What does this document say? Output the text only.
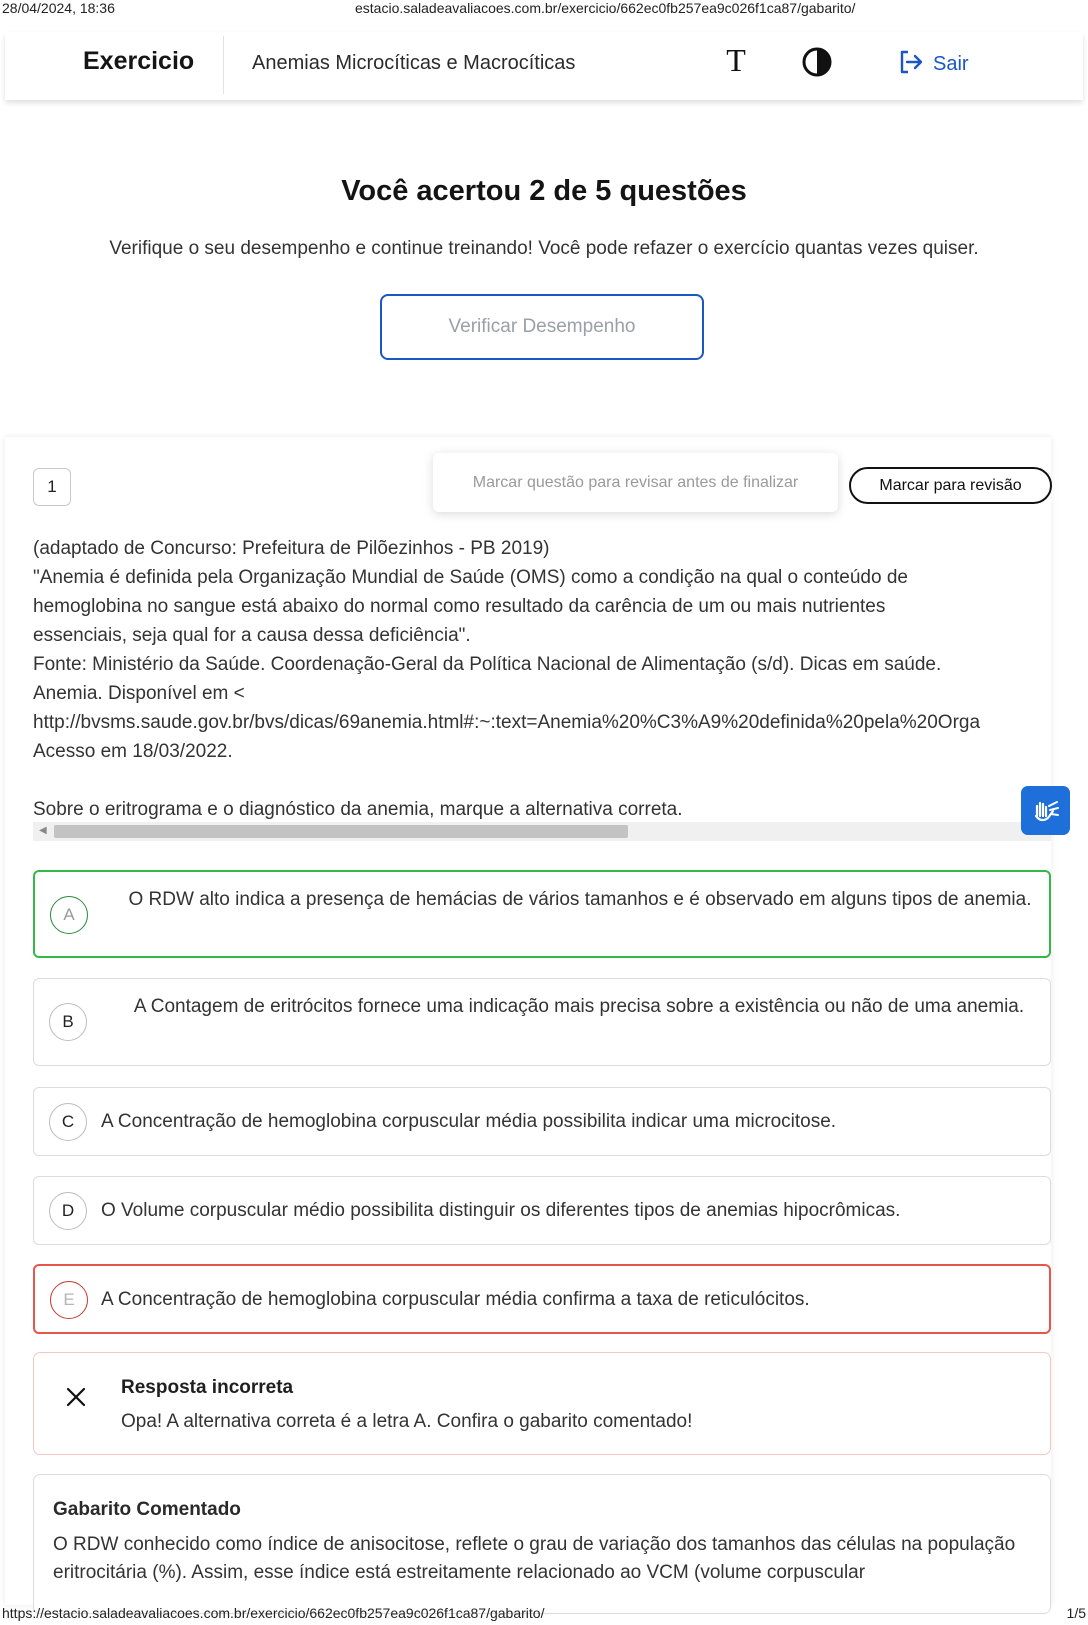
28/04/2024, 18:36	estacio.saladeavaliacoes.com.br/exercicio/662ec0fb257ea9c026f1ca87/gabarito/
Exercicio	Anemias Microcíticas e Macrocíticas	T	Sair
Você acertou 2 de 5 questões
Verifique o seu desempenho e continue treinando! Você pode refazer o exercício quantas vezes quiser.
Verificar Desempenho
1	Marcar questão para revisar antes de finalizar	Marcar para revisão
(adaptado de Concurso: Prefeitura de Pilõezinhos - PB 2019)
"Anemia é definida pela Organização Mundial de Saúde (OMS) como a condição na qual o conteúdo de
hemoglobina no sangue está abaixo do normal como resultado da carência de um ou mais nutrientes
essenciais, seja qual for a causa dessa deficiência".
Fonte: Ministério da Saúde. Coordenação-Geral da Política Nacional de Alimentação (s/d). Dicas em saúde.
Anemia. Disponível em <
http://bvsms.saude.gov.br/bvs/dicas/69anemia.html#:~:text=Anemia%20%C3%A9%20definida%20pela%20Orga
Acesso em 18/03/2022.
Sobre o eritrograma e o diagnóstico da anemia, marque a alternativa correta.
◀
A
O RDW alto indica a presença de hemácias de vários tamanhos e é observado em alguns tipos de anemia.
B
A Contagem de eritrócitos fornece uma indicação mais precisa sobre a existência ou não de uma anemia.
C	A Concentração de hemoglobina corpuscular média possibilita indicar uma microcitose.
D	O Volume corpuscular médio possibilita distinguir os diferentes tipos de anemias hipocrômicas.
E	A Concentração de hemoglobina corpuscular média confirma a taxa de reticulócitos.
Resposta incorreta
Opa! A alternativa correta é a letra A. Confira o gabarito comentado!
Gabarito Comentado
O RDW conhecido como índice de anisocitose, reflete o grau de variação dos tamanhos das células na população eritrocitária (%). Assim, esse índice está estreitamente relacionado ao VCM (volume corpuscular
https://estacio.saladeavaliacoes.com.br/exercicio/662ec0fb257ea9c026f1ca87/gabarito/	1/5
